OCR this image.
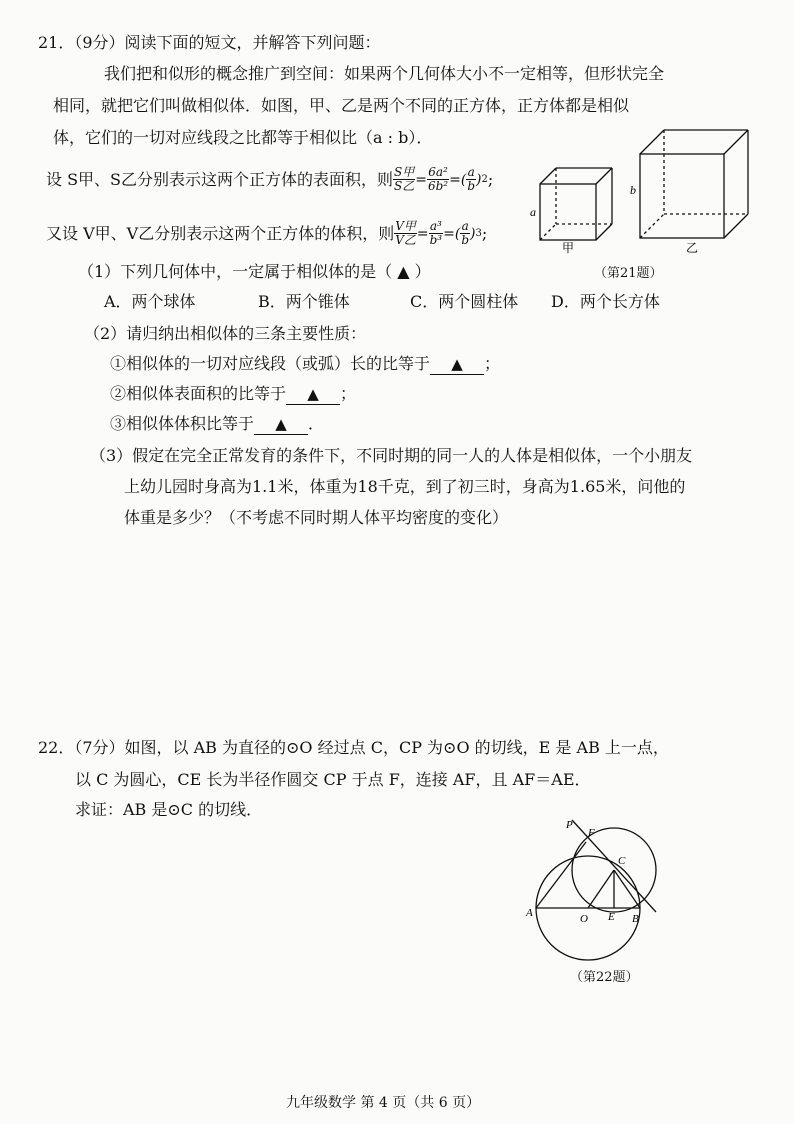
21．（9分）阅读下面的短文，并解答下列问题：
我们把和似形的概念推广到空间：如果两个几何体大小不一定相等，但形状完全
相同，就把它们叫做相似体．如图，甲、乙是两个不同的正方体，正方体都是相似
体，它们的一切对应线段之比都等于相似比（a : b）．
设 S甲、S乙分别表示这两个正方体的表面积，则 $\frac{\text{S甲}}{\text{S乙}} = \frac{\text{6a²}}{\text{6b²}}$ =( $\frac{a}{b}$ ) 2 ;
又设 V甲、V乙分别表示这两个正方体的体积，则 $\frac{\text{V甲}}{\text{V乙}} = \frac{\text{a³}}{\text{b³}}$ =( $\frac{a}{b}$ ) 3 ;
a
甲
b
乙
（第21题）
（1）下列几何体中，一定属于相似体的是（ ▲ ）
A．两个球体	B．两个锥体	C．两个圆柱体 D．两个长方体
（2）请归纳出相似体的三条主要性质：
①相似体的一切对应线段（或弧）长的比等于 ▲ ；
②相似体表面积的比等于 ▲ ；
③相似体体积比等于 ▲ ．
（3）假定在完全正常发育的条件下，不同时期的同一人的人体是相似体，一个小朋友
上幼儿园时身高为1.1米，体重为18千克，到了初三时，身高为1.65米，问他的
体重是多少？（不考虑不同时期人体平均密度的变化）
22．（7分）如图，以 AB 为直径的⊙O 经过点 C，CP 为⊙O 的切线，E 是 AB 上一点，
以 C 为圆心，CE 长为半径作圆交 CP 于点 F，连接 AF，且 AF＝AE．
求证：AB 是⊙C 的切线．
P
F
C
A	O	B
E
（第22题）
九年级数学 第 4 页（共 6 页）
